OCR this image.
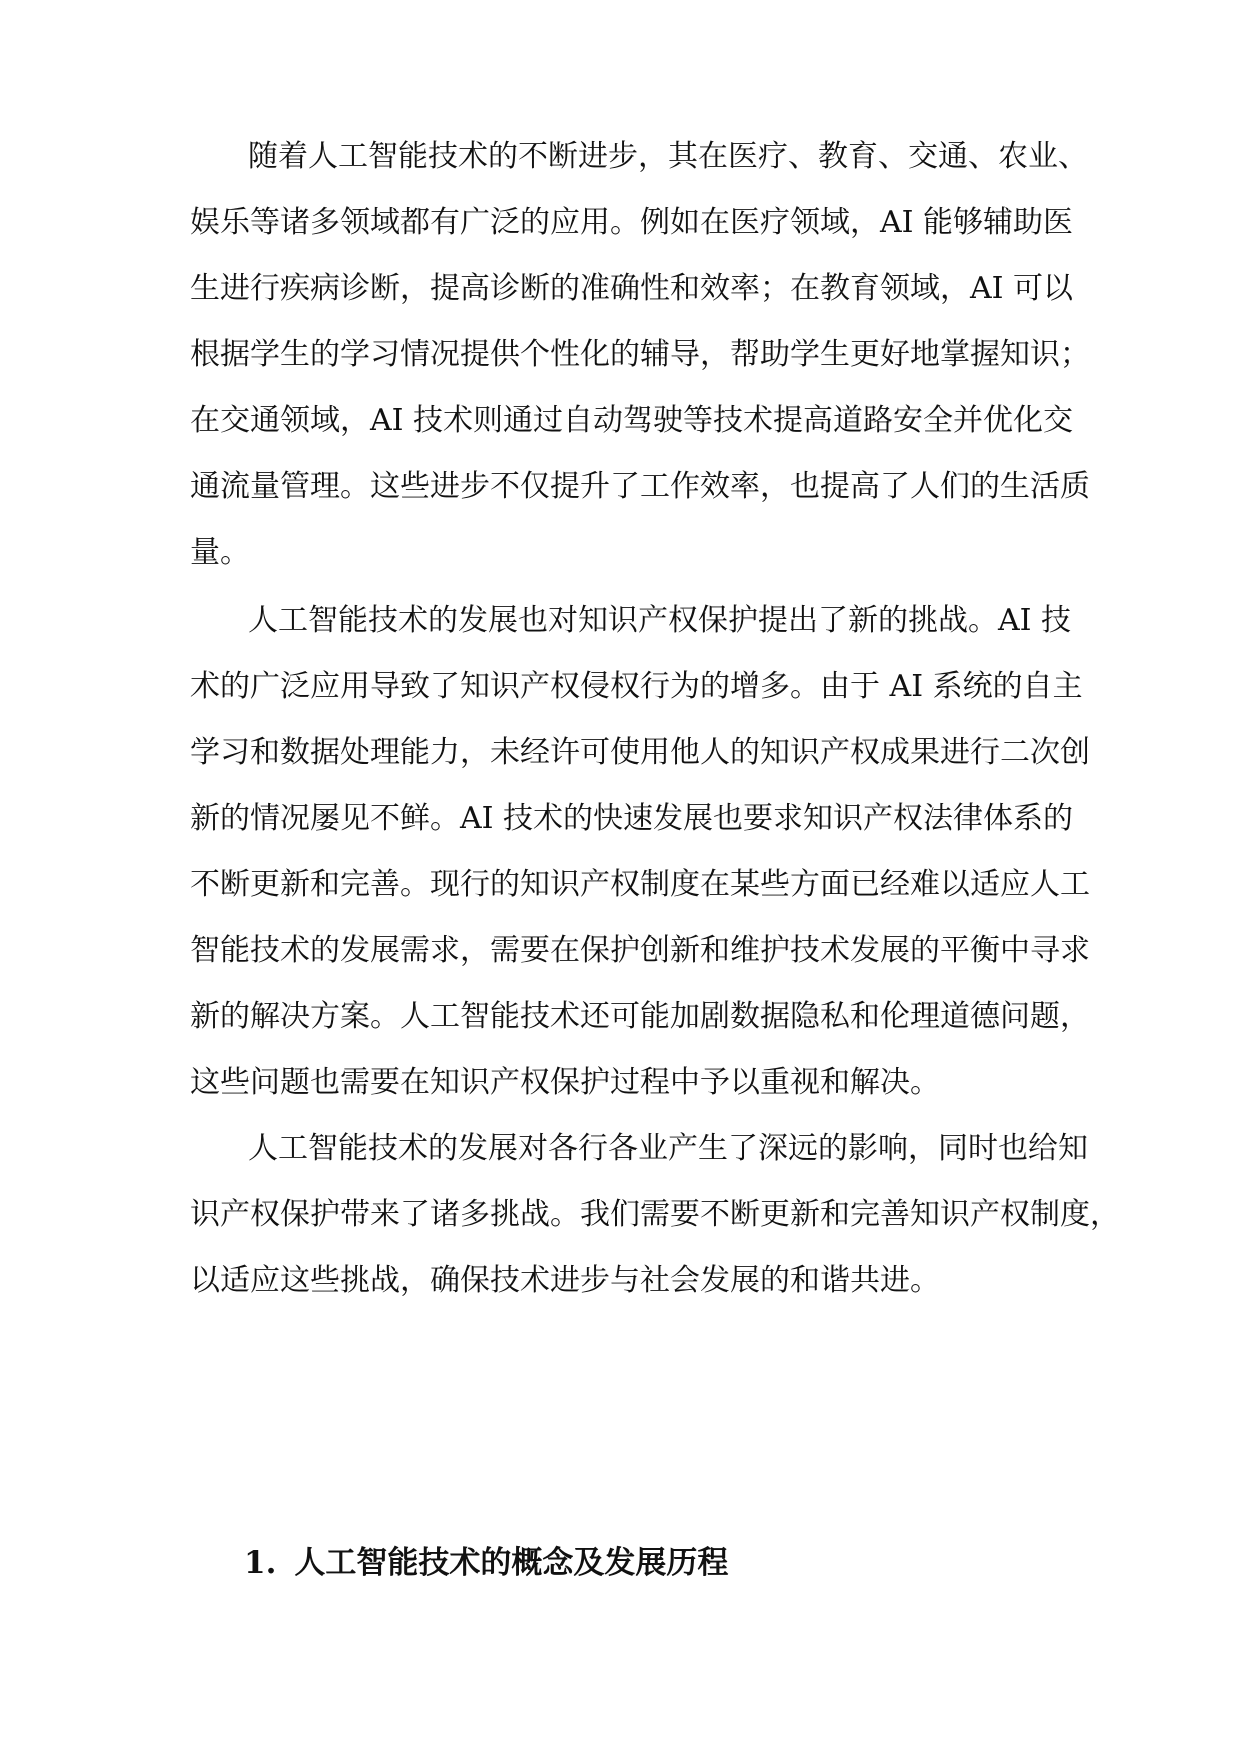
随着人工智能技术的不断进步，其在医疗、教育、交通、农业、
娱乐等诸多领域都有广泛的应用。例如在医疗领域，AI 能够辅助医
生进行疾病诊断，提高诊断的准确性和效率；在教育领域，AI 可以
根据学生的学习情况提供个性化的辅导，帮助学生更好地掌握知识；
在交通领域，AI 技术则通过自动驾驶等技术提高道路安全并优化交
通流量管理。这些进步不仅提升了工作效率，也提高了人们的生活质
量。
人工智能技术的发展也对知识产权保护提出了新的挑战。AI 技
术的广泛应用导致了知识产权侵权行为的增多。由于 AI 系统的自主
学习和数据处理能力，未经许可使用他人的知识产权成果进行二次创
新的情况屡见不鲜。AI 技术的快速发展也要求知识产权法律体系的
不断更新和完善。现行的知识产权制度在某些方面已经难以适应人工
智能技术的发展需求，需要在保护创新和维护技术发展的平衡中寻求
新的解决方案。人工智能技术还可能加剧数据隐私和伦理道德问题，
这些问题也需要在知识产权保护过程中予以重视和解决。
人工智能技术的发展对各行各业产生了深远的影响，同时也给知
识产权保护带来了诸多挑战。我们需要不断更新和完善知识产权制度，
以适应这些挑战，确保技术进步与社会发展的和谐共进。
1. 人工智能技术的概念及发展历程
